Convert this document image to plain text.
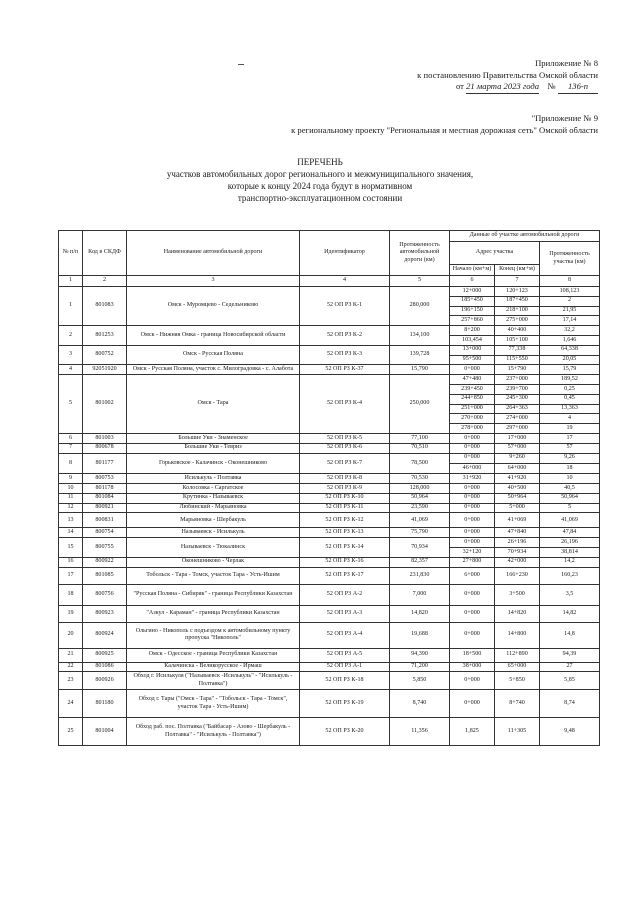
Приложение № 8
к постановлению Правительства Омской области
от 21 марта 2023 года № 136-п
"Приложение № 9
к региональному проекту "Региональная и местная дорожная сеть" Омской области
ПЕРЕЧЕНЬ
участков автомобильных дорог регионального и межмуниципального значения,
которые к концу 2024 года будут в нормативном
транспортно-эксплуатационном состоянии
№ п/п	Код в СКДФ	Наименование автомобильной дороги	Идентификатор	Протяженность автомобильной дороги (км)	Данные об участке автомобильной дороги		
					Адрес участка		Протяженность участка (км)
					Начало (км+м)	Конец (км+м)	
1	2	3	4	5	6	7	8
1	801083	Омск - Муромцево - Седельниково	52 ОП РЗ К-1	280,000	12+000	120+123	108,123
					185+450	187+450	2
					196+150	218+100	21,95
					257+860	275+000	17,14
2	801253	Омск - Нижняя Омка - граница Новосибирской области	52 ОП РЗ К-2	134,100	8+200	40+400	32,2
					103,454	105+100	1,646
3	800752	Омск - Русская Поляна	52 ОП РЗ К-3	139,728	13+000	77,338	64,338
					95+500	115+550	20,05
4	92051920	Омск - Русская Поляна, участок с. Милоградовка - с. Алабота	52 ОП РЗ К-37	15,790	0+000	15+790	15,79
5	801002	Омск - Тара	52 ОП РЗ К-4	250,000	47+480	237+000	189,52
					239+450	239+700	0,25
					244+850	245+300	0,45
					251+000	264+363	13,363
					270+000	274+000	4
					278+000	297+000	19
6	801003	Большие Уки - Знаменское	52 ОП РЗ К-5	77,100	0+000	17+000	17
7	800678	Большие Уки - Тевриз	52 ОП РЗ К-6	70,510	0+000	57+000	57
8	801177	Горьковское - Калачинск - Оконешниково	52 ОП РЗ К-7	78,500	0+000	9+260	9,26
					46+000	64+000	18
9	800753	Исилькуль - Полтавка	52 ОП РЗ К-8	70,530	31+920	41+920	10
10	801178	Колосовка - Саргатское	52 ОП РЗ К-9	128,000	0+000	40+500	40,5
11	801084	Крутинка - Называевск	52 ОП РЗ К-10	50,964	0+000	50+964	50,964
12	800921	Любинский - Марьяновка	52 ОП РЗ К-11	23,590	0+000	5+000	5
13	800831	Марьяновка - Шербакуль	52 ОП РЗ К-12	41,069	0+000	41+069	41,069
14	800754	Называевск - Исилькуль	52 ОП РЗ К-13	75,790	0+000	47+840	47,84
15	800755	Называевск - Тюкалинск	52 ОП РЗ К-14	70,934	0+000	26+196	26,196
					32+120	70+934	38,814
16	800922	Оконешниково - Черлак	52 ОП РЗ К-16	82,357	27+800	42+000	14,2
17	801085	Тобольск - Тара - Томск, участок Тара - Усть-Ишим	52 ОП РЗ К-17	231,830	6+000	166+230	160,23
18	800756	"Русская Поляна - Сибиряк" - граница Республики Казахстан	52 ОП РЗ А-2	7,000	0+000	3+500	3,5
19	800923	"Азкул - Караман" - граница Республики Казахстан	52 ОП РЗ А-3	14,820	0+000	14+820	14,82
20	800924	Ольгино - Никополь с подъездом к автомобильному пункту пропуска "Никополь"	52 ОП РЗ А-4	19,688	0+000	14+800	14,8
21	800925	Омск - Одесское - граница Республики Казахстан	52 ОП РЗ А-5	94,390	18+500	112+890	94,39
22	801086	Калачинска - Великорусское - Ирмаш	52 ОП РЗ А-1	71,200	38+000	65+000	27
23	800926	Обход г. Исилькуля ("Называевск -Исилькуль" - "Исилькуль - Полтавка")	52 ОП РЗ К-18	5,850	0+000	5+850	5,85
24	801180	Обход г. Тары ("Омск - Тара" - "Тобольск - Тара - Томск", участок Тара - Усть-Ишим)	52 ОП РЗ К-19	8,740	0+000	8+740	8,74
25	801004	Обход раб. пос. Полтавка ("Байбасар - Азово - Шербакуль - Полтавка" - "Исилькуль - Полтавка")	52 ОП РЗ К-20	11,356	1,825	11+305	9,48
